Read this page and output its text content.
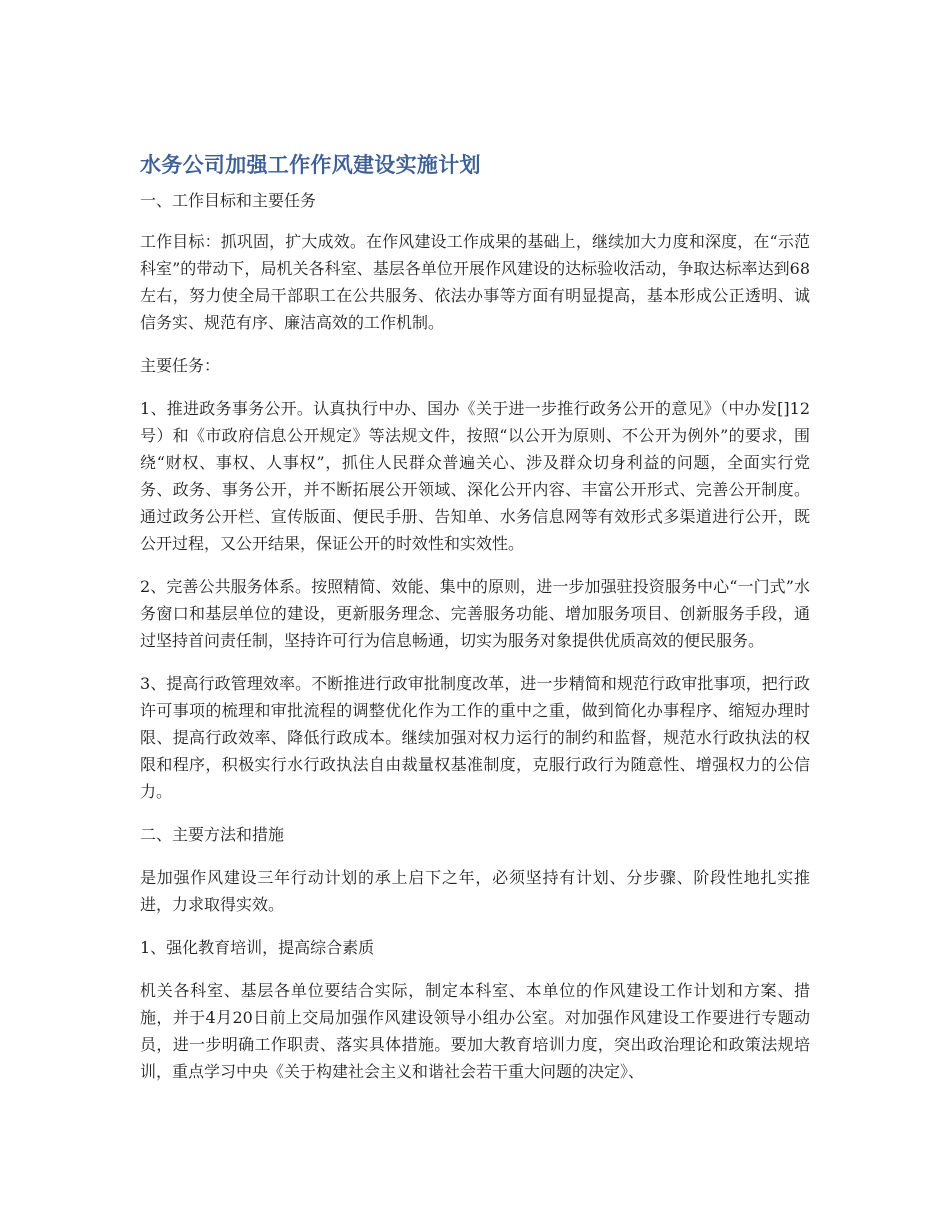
水务公司加强工作作风建设实施计划

一、工作目标和主要任务

工作目标：抓巩固，扩大成效。在作风建设工作成果的基础上，继续加大力度和深度，在“示范科室”的带动下，局机关各科室、基层各单位开展作风建设的达标验收活动，争取达标率达到68左右，努力使全局干部职工在公共服务、依法办事等方面有明显提高，基本形成公正透明、诚信务实、规范有序、廉洁高效的工作机制。

主要任务：

1、推进政务事务公开。认真执行中办、国办《关于进一步推行政务公开的意见》（中办发[]12号）和《市政府信息公开规定》等法规文件，按照“以公开为原则、不公开为例外”的要求，围绕“财权、事权、人事权”，抓住人民群众普遍关心、涉及群众切身利益的问题，全面实行党务、政务、事务公开，并不断拓展公开领域、深化公开内容、丰富公开形式、完善公开制度。通过政务公开栏、宣传版面、便民手册、告知单、水务信息网等有效形式多渠道进行公开，既公开过程，又公开结果，保证公开的时效性和实效性。

2、完善公共服务体系。按照精简、效能、集中的原则，进一步加强驻投资服务中心“一门式”水务窗口和基层单位的建设，更新服务理念、完善服务功能、增加服务项目、创新服务手段，通过坚持首问责任制，坚持许可行为信息畅通，切实为服务对象提供优质高效的便民服务。

3、提高行政管理效率。不断推进行政审批制度改革，进一步精简和规范行政审批事项，把行政许可事项的梳理和审批流程的调整优化作为工作的重中之重，做到简化办事程序、缩短办理时限、提高行政效率、降低行政成本。继续加强对权力运行的制约和监督，规范水行政执法的权限和程序，积极实行水行政执法自由裁量权基准制度，克服行政行为随意性、增强权力的公信力。

二、主要方法和措施

是加强作风建设三年行动计划的承上启下之年，必须坚持有计划、分步骤、阶段性地扎实推进，力求取得实效。

1、强化教育培训，提高综合素质

机关各科室、基层各单位要结合实际，制定本科室、本单位的作风建设工作计划和方案、措施，并于4月20日前上交局加强作风建设领导小组办公室。对加强作风建设工作要进行专题动员，进一步明确工作职责、落实具体措施。要加大教育培训力度，突出政治理论和政策法规培训，重点学习中央《关于构建社会主义和谐社会若干重大问题的决定》、
